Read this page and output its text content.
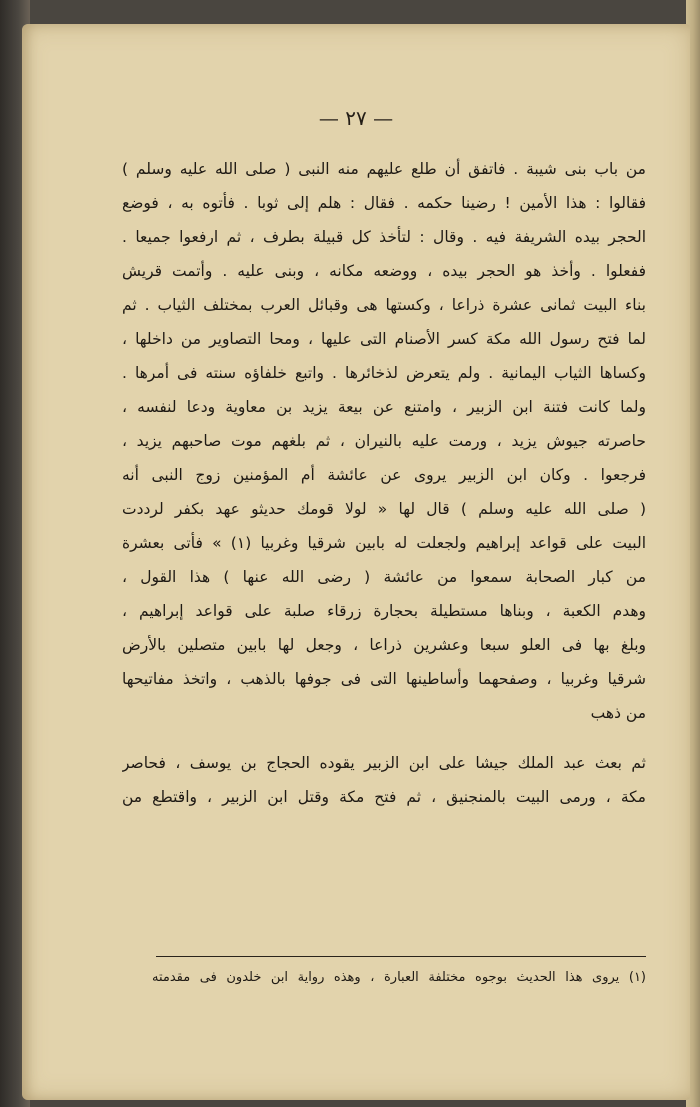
— ٢٧ —
من باب بنى شيبة . فاتفق أن طلع عليهم منه النبى ( صلى الله عليه وسلم )
فقالوا : هذا الأمين ! رضينا حكمه . فقال : هلم إلى ثوبا . فأتوه به ، فوضع
الحجر بيده الشريفة فيه . وقال : لتأخذ كل قبيلة بطرف ، ثم ارفعوا جميعا .
ففعلوا . وأخذ هو الحجر بيده ، ووضعه مكانه ، وبنى عليه . وأتمت قريش
بناء البيت ثمانى عشرة ذراعا ، وكستها هى وقبائل العرب بمختلف الثياب . ثم
لما فتح رسول الله مكة كسر الأصنام التى عليها ، ومحا التصاوير من داخلها ،
وكساها الثياب اليمانية . ولم يتعرض لذخائرها . واتبع خلفاؤه سنته فى أمرها .
ولما كانت فتنة ابن الزبير ، وامتنع عن بيعة يزيد بن معاوية ودعا لنفسه ،
حاصرته جيوش يزيد ، ورمت عليه بالنيران ، ثم بلغهم موت صاحبهم يزيد ،
فرجعوا . وكان ابن الزبير يروى عن عائشة أم المؤمنين زوج النبى أنه
( صلى الله عليه وسلم ) قال لها « لولا قومك حديثو عهد بكفر لرددت
البيت على قواعد إبراهيم ولجعلت له بابين شرقيا وغربيا (١) » فأتى بعشرة
من كبار الصحابة سمعوا من عائشة ( رضى الله عنها ) هذا القول ،
وهدم الكعبة ، وبناها مستطيلة بحجارة زرقاء صلبة على قواعد إبراهيم ،
وبلغ بها فى العلو سبعا وعشرين ذراعا ، وجعل لها بابين متصلين بالأرض
شرقيا وغربيا ، وصفحهما وأساطينها التى فى جوفها بالذهب ، واتخذ مفاتيحها
من ذهب
ثم بعث عبد الملك جيشا على ابن الزبير يقوده الحجاج بن يوسف ، فحاصر
مكة ، ورمى البيت بالمنجنيق ، ثم فتح مكة وقتل ابن الزبير ، واقتطع من
(١) يروى هذا الحديث بوجوه مختلفة العبارة ، وهذه رواية ابن خلدون فى مقدمته
